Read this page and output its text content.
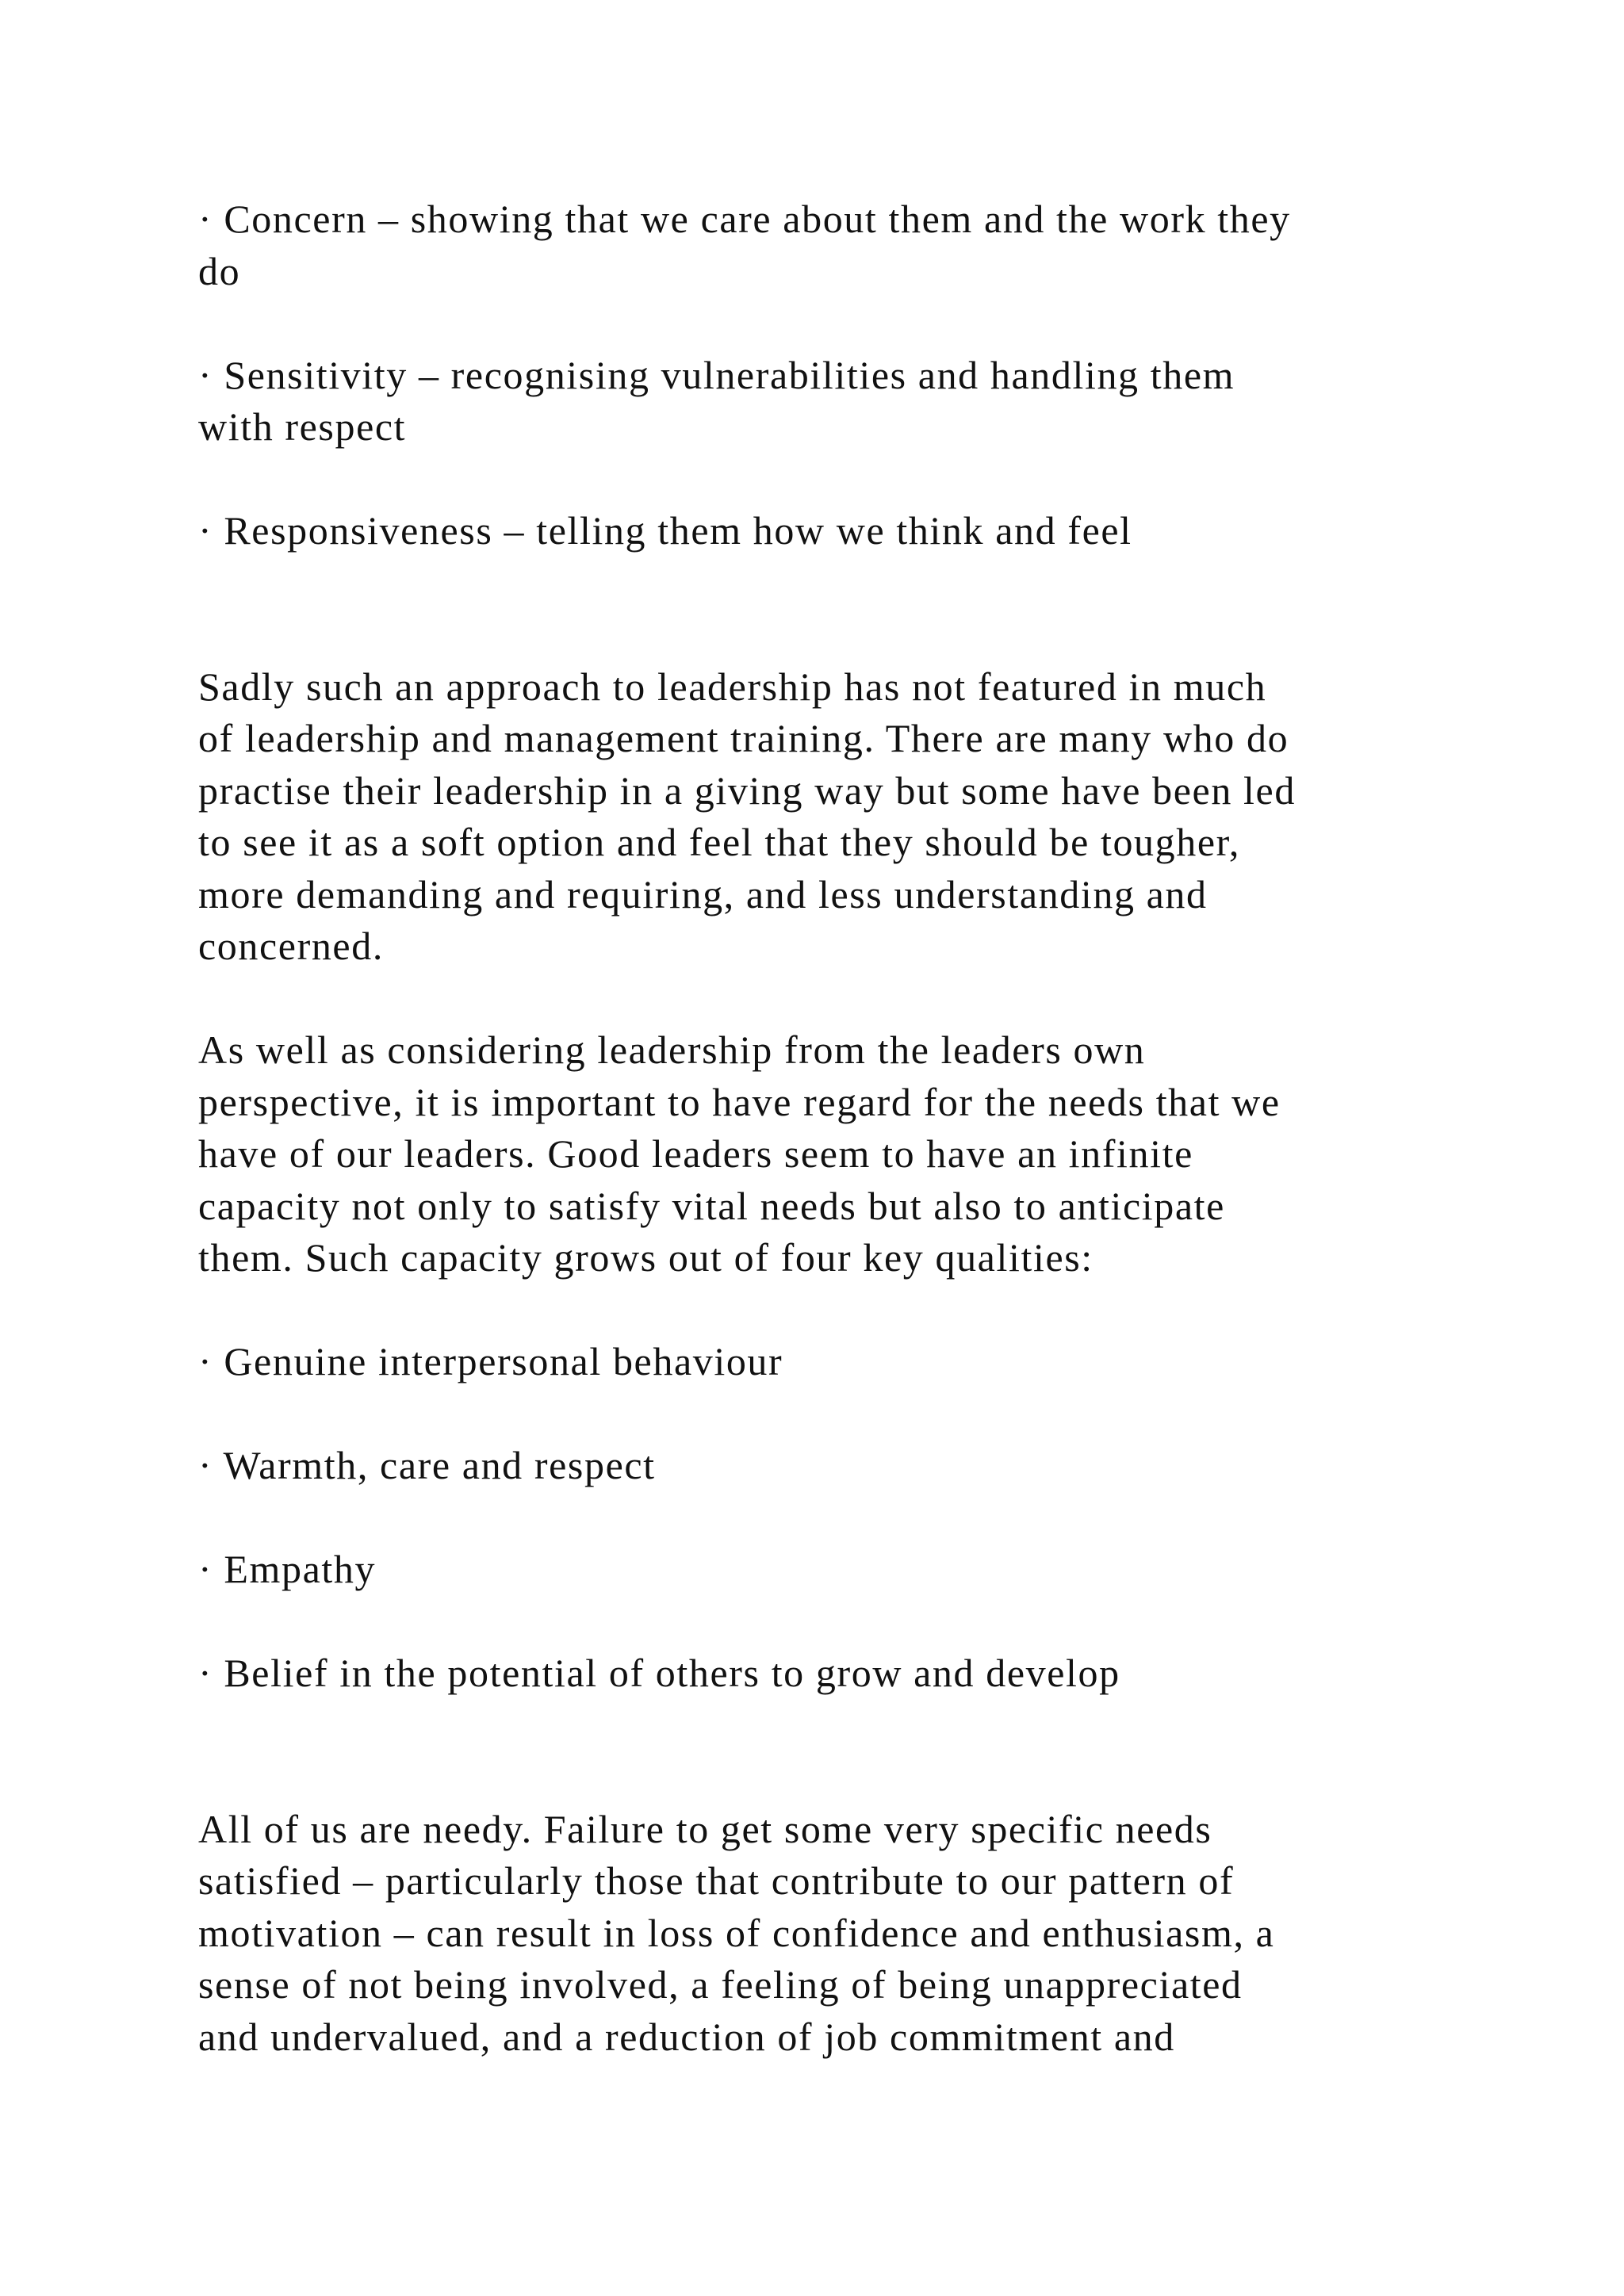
· Concern – showing that we care about them and the work they
do
· Sensitivity – recognising vulnerabilities and handling them
with respect
· Responsiveness – telling them how we think and feel
Sadly such an approach to leadership has not featured in much
of leadership and management training. There are many who do
practise their leadership in a giving way but some have been led
to see it as a soft option and feel that they should be tougher,
more demanding and requiring, and less understanding and
concerned.
As well as considering leadership from the leaders own
perspective, it is important to have regard for the needs that we
have of our leaders. Good leaders seem to have an infinite
capacity not only to satisfy vital needs but also to anticipate
them. Such capacity grows out of four key qualities:
· Genuine interpersonal behaviour
· Warmth, care and respect
· Empathy
· Belief in the potential of others to grow and develop
All of us are needy. Failure to get some very specific needs
satisfied – particularly those that contribute to our pattern of
motivation – can result in loss of confidence and enthusiasm, a
sense of not being involved, a feeling of being unappreciated
and undervalued, and a reduction of job commitment and
